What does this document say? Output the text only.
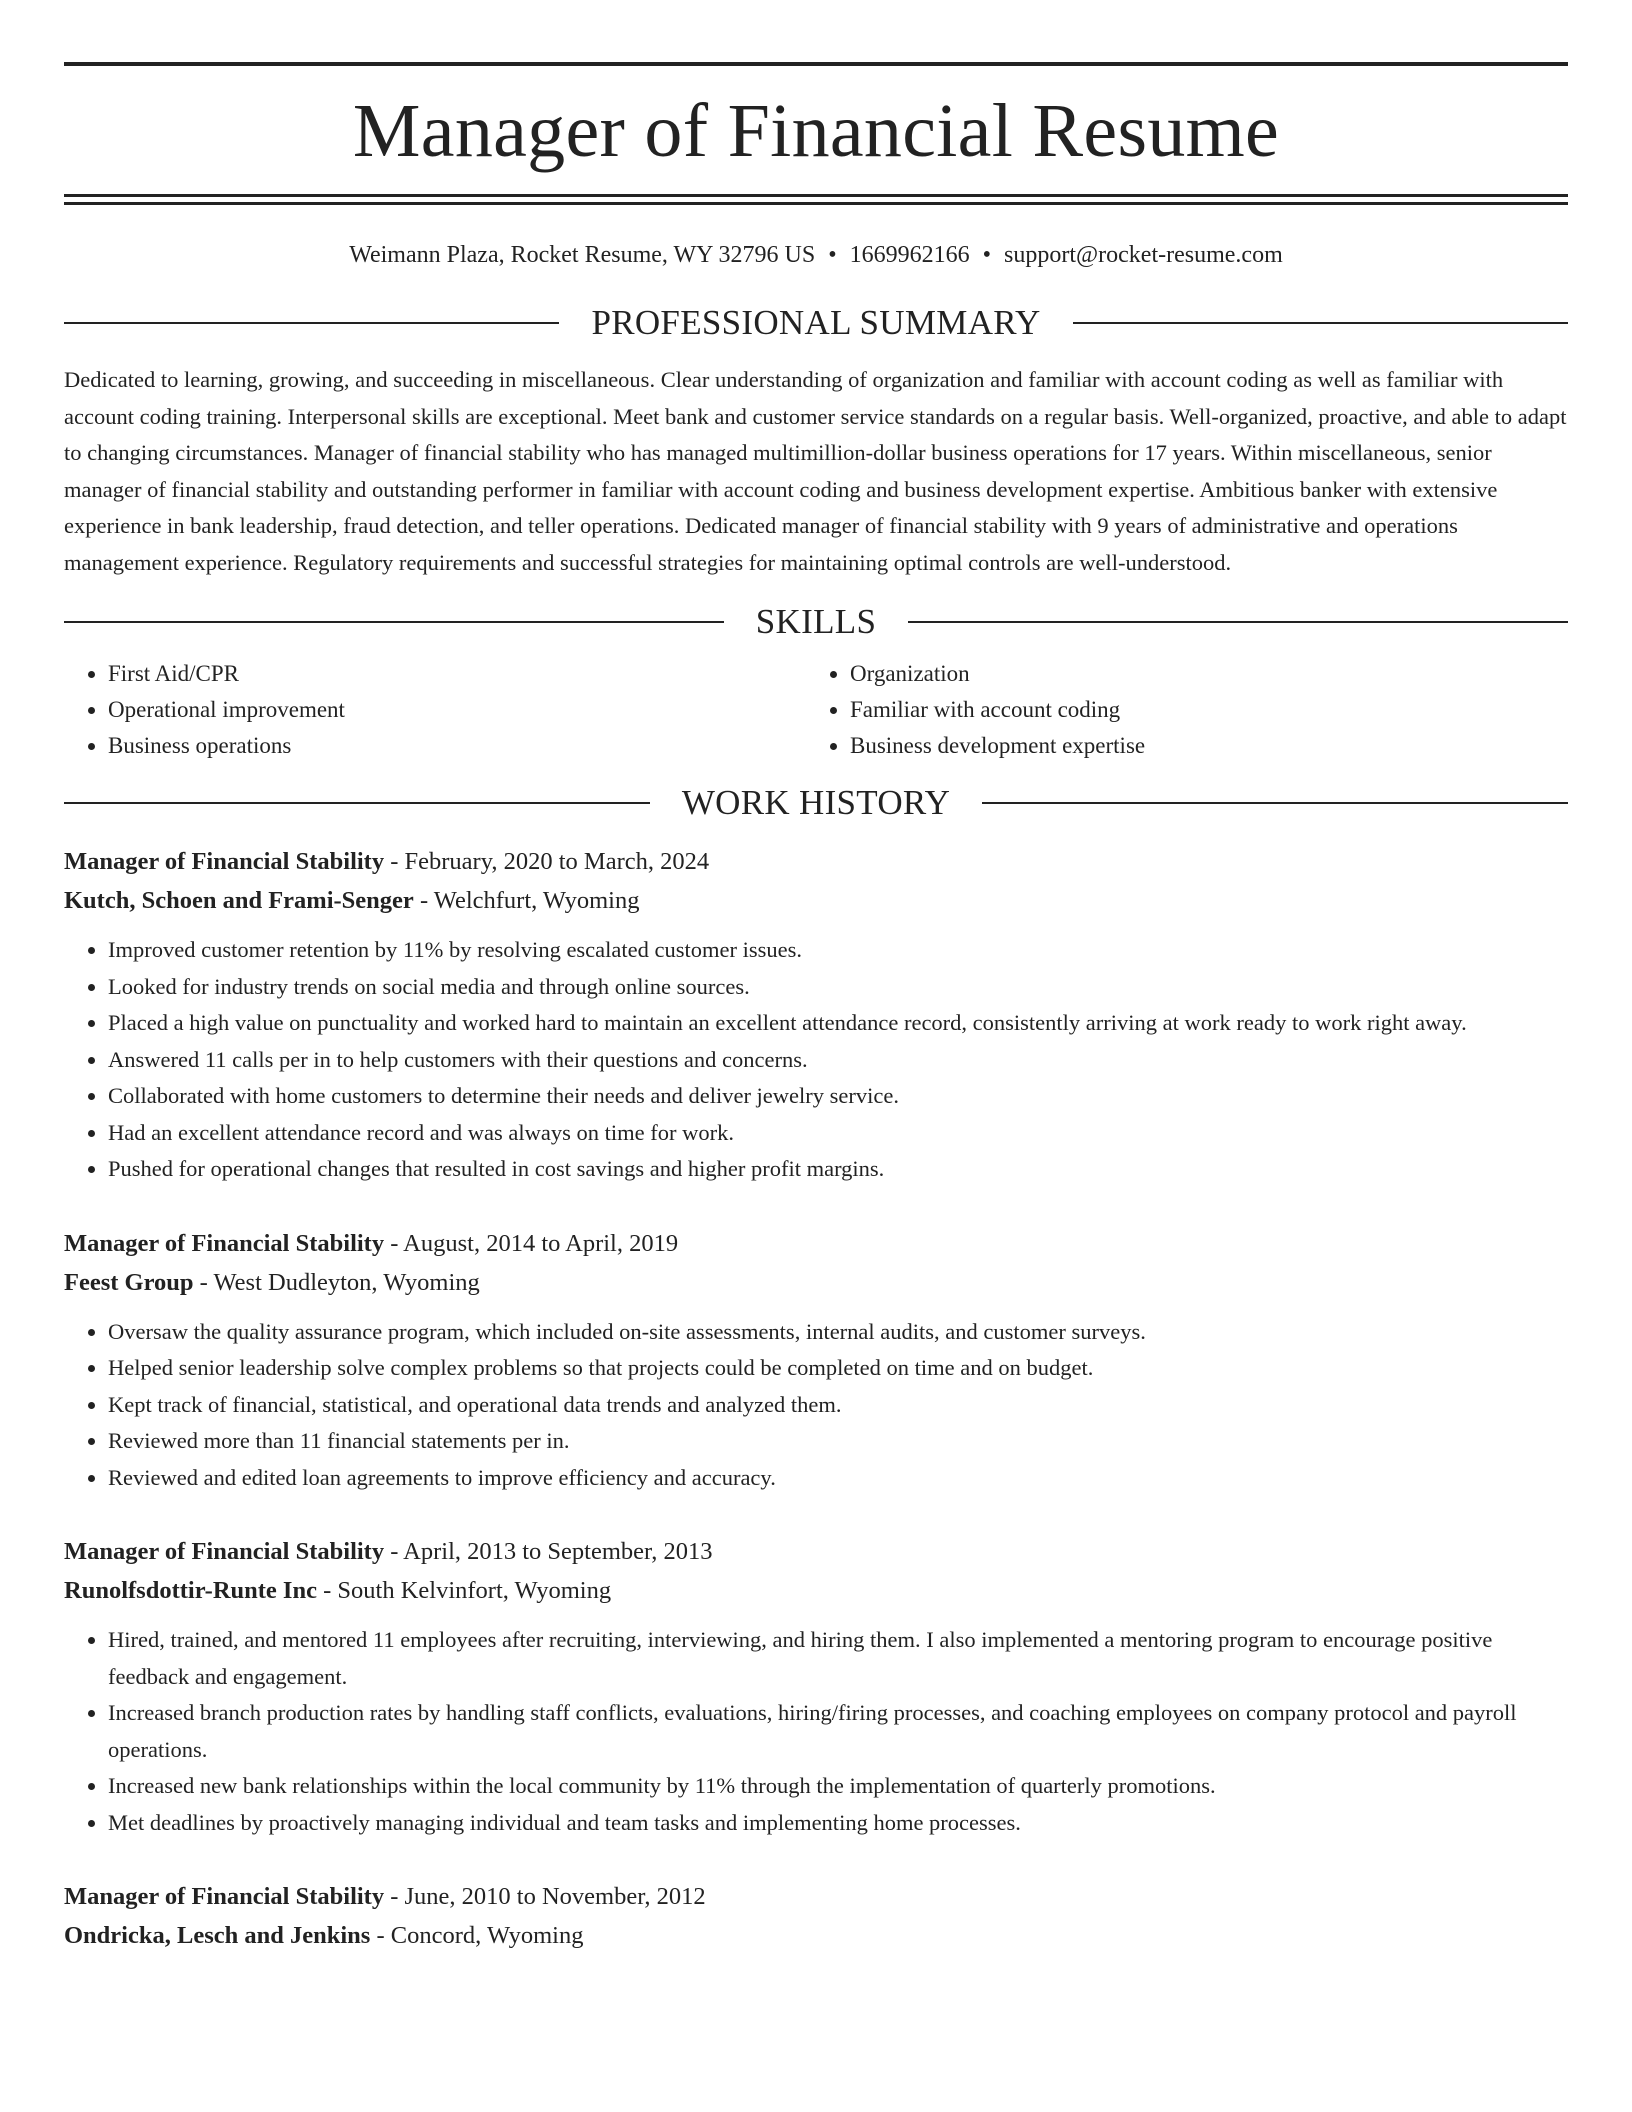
Manager of Financial Resume
Weimann Plaza, Rocket Resume, WY 32796 US • 1669962166 • support@rocket-resume.com
PROFESSIONAL SUMMARY

Dedicated to learning, growing, and succeeding in miscellaneous. Clear understanding of organization and familiar with account coding as well as familiar with account coding training. Interpersonal skills are exceptional. Meet bank and customer service standards on a regular basis. Well-organized, proactive, and able to adapt to changing circumstances. Manager of financial stability who has managed multimillion-dollar business operations for 17 years. Within miscellaneous, senior manager of financial stability and outstanding performer in familiar with account coding and business development expertise. Ambitious banker with extensive experience in bank leadership, fraud detection, and teller operations. Dedicated manager of financial stability with 9 years of administrative and operations management experience. Regulatory requirements and successful strategies for maintaining optimal controls are well-understood.

SKILLS
• First Aid/CPR
• Operational improvement
• Business operations
• Organization
• Familiar with account coding
• Business development expertise
WORK HISTORY
Manager of Financial Stability - February, 2020 to March, 2024
Kutch, Schoen and Frami-Senger - Welchfurt, Wyoming
• Improved customer retention by 11% by resolving escalated customer issues.
• Looked for industry trends on social media and through online sources.
• Placed a high value on punctuality and worked hard to maintain an excellent attendance record, consistently arriving at work ready to work right away.
• Answered 11 calls per in to help customers with their questions and concerns.
• Collaborated with home customers to determine their needs and deliver jewelry service.
• Had an excellent attendance record and was always on time for work.
• Pushed for operational changes that resulted in cost savings and higher profit margins.
Manager of Financial Stability - August, 2014 to April, 2019
Feest Group - West Dudleyton, Wyoming
• Oversaw the quality assurance program, which included on-site assessments, internal audits, and customer surveys.
• Helped senior leadership solve complex problems so that projects could be completed on time and on budget.
• Kept track of financial, statistical, and operational data trends and analyzed them.
• Reviewed more than 11 financial statements per in.
• Reviewed and edited loan agreements to improve efficiency and accuracy.
Manager of Financial Stability - April, 2013 to September, 2013
Runolfsdottir-Runte Inc - South Kelvinfort, Wyoming
• Hired, trained, and mentored 11 employees after recruiting, interviewing, and hiring them. I also implemented a mentoring program to encourage positive feedback and engagement.
• Increased branch production rates by handling staff conflicts, evaluations, hiring/firing processes, and coaching employees on company protocol and payroll operations.
• Increased new bank relationships within the local community by 11% through the implementation of quarterly promotions.
• Met deadlines by proactively managing individual and team tasks and implementing home processes.
Manager of Financial Stability - June, 2010 to November, 2012
Ondricka, Lesch and Jenkins - Concord, Wyoming
